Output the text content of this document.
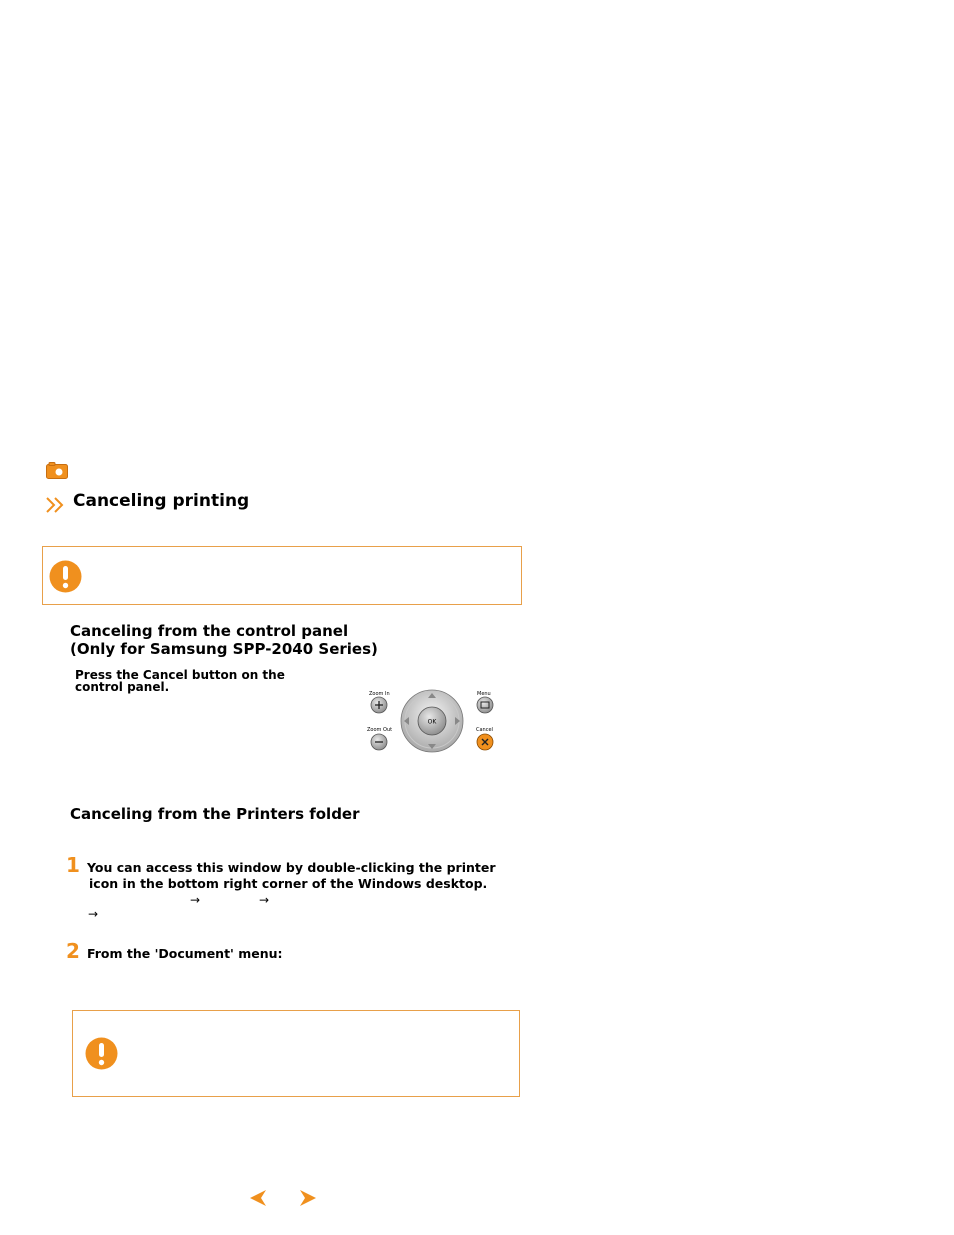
Canceling printing
Canceling from the control panel
(Only for Samsung SPP-2040 Series)
Press the Cancel button on the
control panel.	Zoom In
Zoom Out
OK
Menu
Cancel
Canceling from the Printers folder
1 You can access this window by double-clicking the printer
icon in the bottom right corner of the Windows desktop.
→	→
→
2 From the 'Document' menu:
